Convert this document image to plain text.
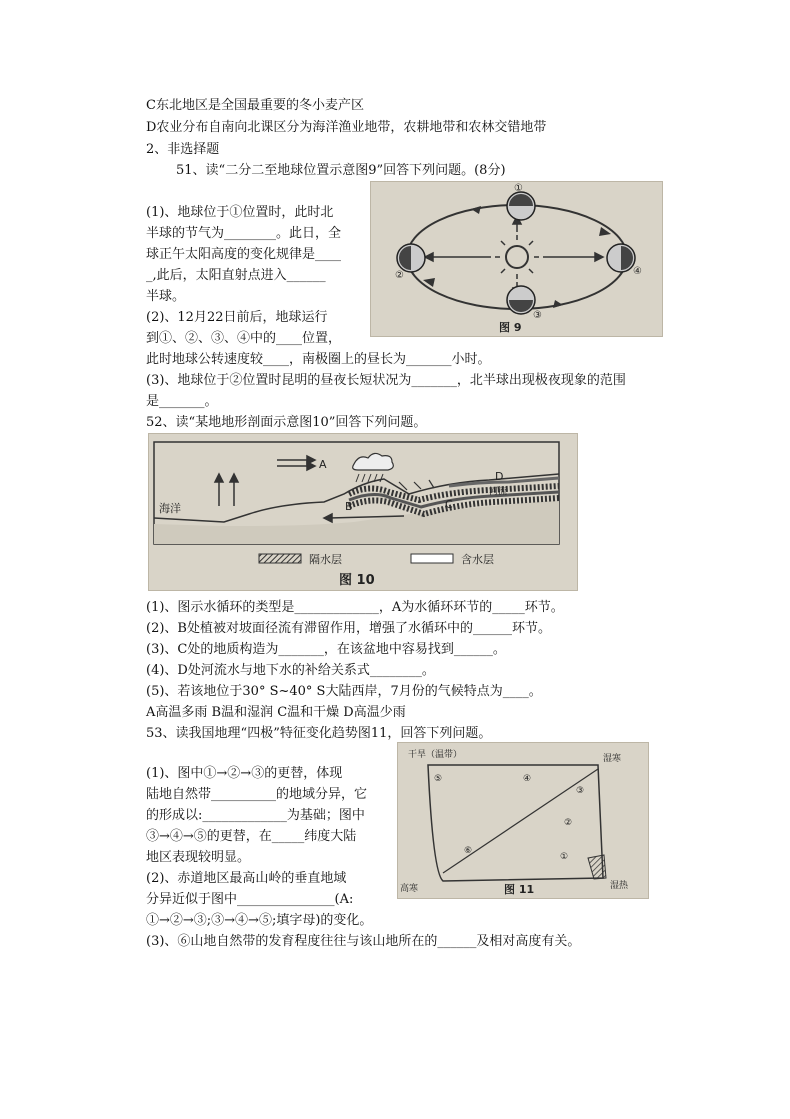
C东北地区是全国最重要的冬小麦产区
D农业分布自南向北课区分为海洋渔业地带，农耕地带和农林交错地带
2、非选择题
51、读“二分二至地球位置示意图9”回答下列问题。(8分)
(1)、地球位于①位置时，此时北
半球的节气为________。此日，全
球正午太阳高度的变化规律是____
_,此后，太阳直射点进入______
半球。
(2)、12月22日前后，地球运行
到①、②、③、④中的____位置，
此时地球公转速度较____，南极圈上的昼长为_______小时。
(3)、地球位于②位置时昆明的昼夜长短状况为_______，北半球出现极夜现象的范围
是_______。
52、读“某地地形剖面示意图10”回答下列问题。
(1)、图示水循环的类型是_____________，A为水循环环节的_____环节。
(2)、B处植被对坡面径流有滞留作用，增强了水循环中的______环节。
(3)、C处的地质构造为_______，在该盆地中容易找到______。
(4)、D处河流水与地下水的补给关系式________。
(5)、若该地位于30° S~40° S大陆西岸，7月份的气候特点为____。
A高温多雨 B温和湿润 C温和干燥 D高温少雨
53、读我国地理“四极”特征变化趋势图11，回答下列问题。
(1)、图中①→②→③的更替，体现
陆地自然带__________的地域分异，它
的形成以:_____________为基础；图中
③→④→⑤的更替，在_____纬度大陆
地区表现较明显。
(2)、赤道地区最高山岭的垂直地域
分异近似于图中_______________(A:
①→②→③;③→④→⑤;填字母)的变化。
(3)、⑥山地自然带的发育程度往往与该山地所在的______及相对高度有关。
①
②
③
④
图 9
A
B	C
D
海洋
河流
隔水层	含水层
图 10
干旱（温带）	湿寒
高寒	湿热
⑤	④
③
②
①
⑥
图 11
